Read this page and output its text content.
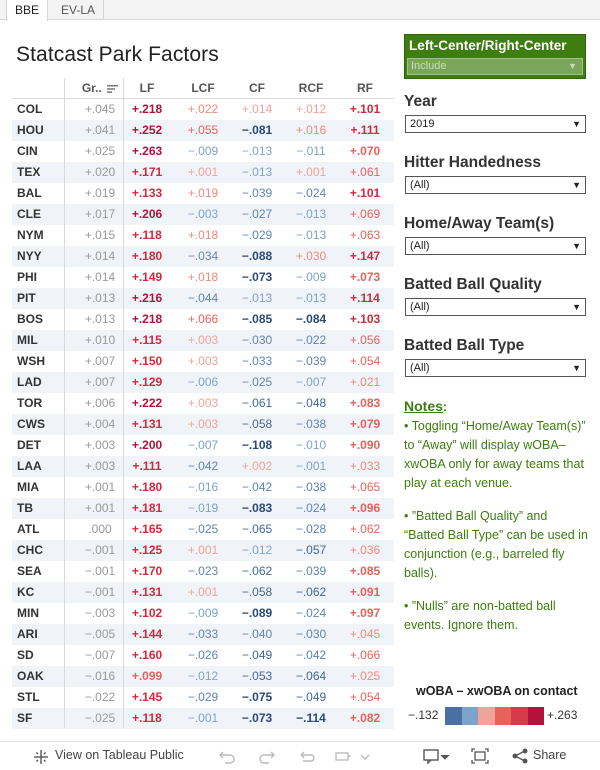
BBE	EV-LA
Statcast Park Factors
Gr..	LF	LCF	CF	RCF	RF
COL	+.045	+.218	+.022	+.014	+.012	+.101
HOU	+.041	+.252	+.055	−.081	+.016	+.111
CIN	+.025	+.263	−.009	−.013	−.011	+.070
TEX	+.020	+.171	+.001	−.013	+.001	+.061
BAL	+.019	+.133	+.019	−.039	−.024	+.101
CLE	+.017	+.206	−.003	−.027	−.013	+.069
NYM	+.015	+.118	+.018	−.029	−.013	+.063
NYY	+.014	+.180	−.034	−.088	+.030	+.147
PHI	+.014	+.149	+.018	−.073	−.009	+.073
PIT	+.013	+.216	−.044	−.013	−.013	+.114
BOS	+.013	+.218	+.066	−.085	−.084	+.103
MIL	+.010	+.115	+.003	−.030	−.022	+.056
WSH	+.007	+.150	+.003	−.033	−.039	+.054
LAD	+.007	+.129	−.006	−.025	−.007	+.021
TOR	+.006	+.222	+.003	−.061	−.048	+.083
CWS	+.004	+.131	+.003	−.058	−.038	+.079
DET	+.003	+.200	−.007	−.108	−.010	+.090
LAA	+.003	+.111	−.042	+.002	−.001	+.033
MIA	+.001	+.180	−.016	−.042	−.038	+.065
TB	+.001	+.181	−.019	−.083	−.024	+.096
ATL	.000	+.165	−.025	−.065	−.028	+.062
CHC	−.001	+.125	+.001	−.012	−.057	+.036
SEA	−.001	+.170	−.023	−.062	−.039	+.085
KC	−.001	+.131	+.001	−.058	−.062	+.091
MIN	−.003	+.102	−.009	−.089	−.024	+.097
ARI	−.005	+.144	−.033	−.040	−.030	+.045
SD	−.007	+.160	−.026	−.049	−.042	+.066
OAK	−.016	+.099	−.012	−.053	−.064	+.025
STL	−.022	+.145	−.029	−.075	−.049	+.054
SF	−.025	+.118	−.001	−.073	−.114	+.082
Left-Center/Right-Center
Include	▼
Year
2019	▼
Hitter Handedness
(All)	▼
Home/Away Team(s)
(All)	▼
Batted Ball Quality
(All)	▼
Batted Ball Type
(All)	▼

Notes:

• Toggling “Home/Away Team(s)” to “Away” will display wOBA–xwOBA only for away teams that play at each venue.

• ”Batted Ball Quality” and “Batted Ball Type” can be used in conjunction (e.g., barreled fly balls).

• ”Nulls” are non-batted ball events. Ignore them.

wOBA – xwOBA on contact
−.132	+.263
View on Tableau Public	Share
